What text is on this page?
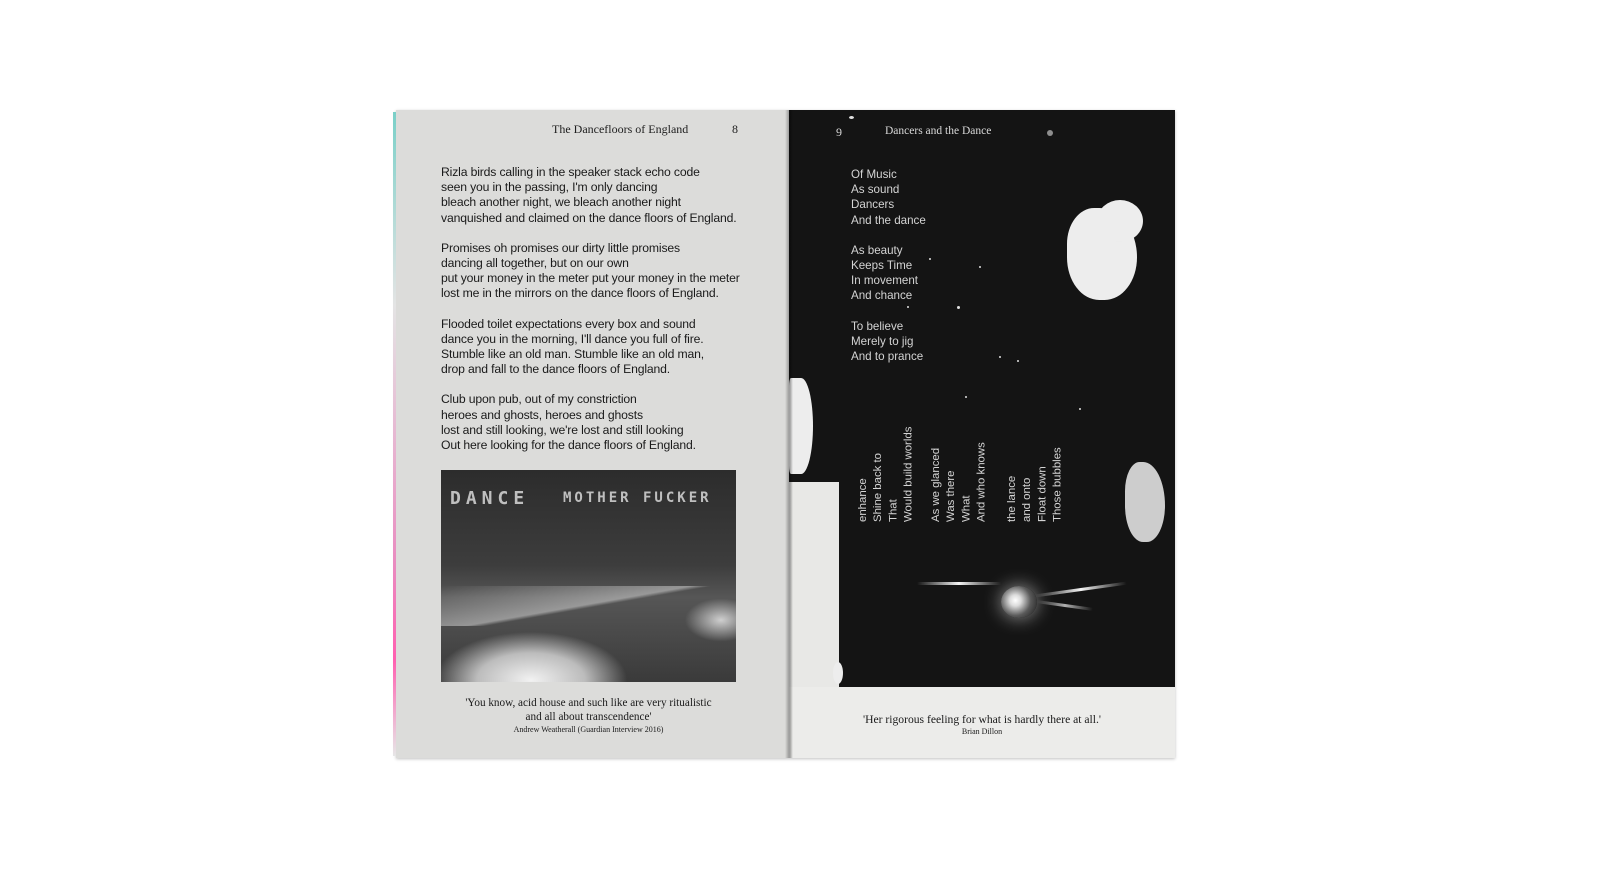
The Dancefloors of England	8
Rizla birds calling in the speaker stack echo code
seen you in the passing, I'm only dancing
bleach another night, we bleach another night
vanquished and claimed on the dance floors of England.
Promises oh promises our dirty little promises
dancing all together, but on our own
put your money in the meter put your money in the meter
lost me in the mirrors on the dance floors of England.
Flooded toilet expectations every box and sound
dance you in the morning, I'll dance you full of fire.
Stumble like an old man. Stumble like an old man,
drop and fall to the dance floors of England.
Club upon pub, out of my constriction
heroes and ghosts, heroes and ghosts
lost and still looking, we're lost and still looking
Out here looking for the dance floors of England.
DANCE MOTHER FUCKER
'You know, acid house and such like are very ritualistic
and all about transcendence'
Andrew Weatherall (Guardian Interview 2016)
9	Dancers and the Dance
Of Music
As sound
Dancers
And the dance
As beauty
Keeps Time
In movement
And chance
To believe
Merely to jig
And to prance
enhance Shine back to That Would build worlds As we glanced Was there What And who knows the lance and onto Float down Those bubbles
'Her rigorous feeling for what is hardly there at all.'
Brian Dillon
